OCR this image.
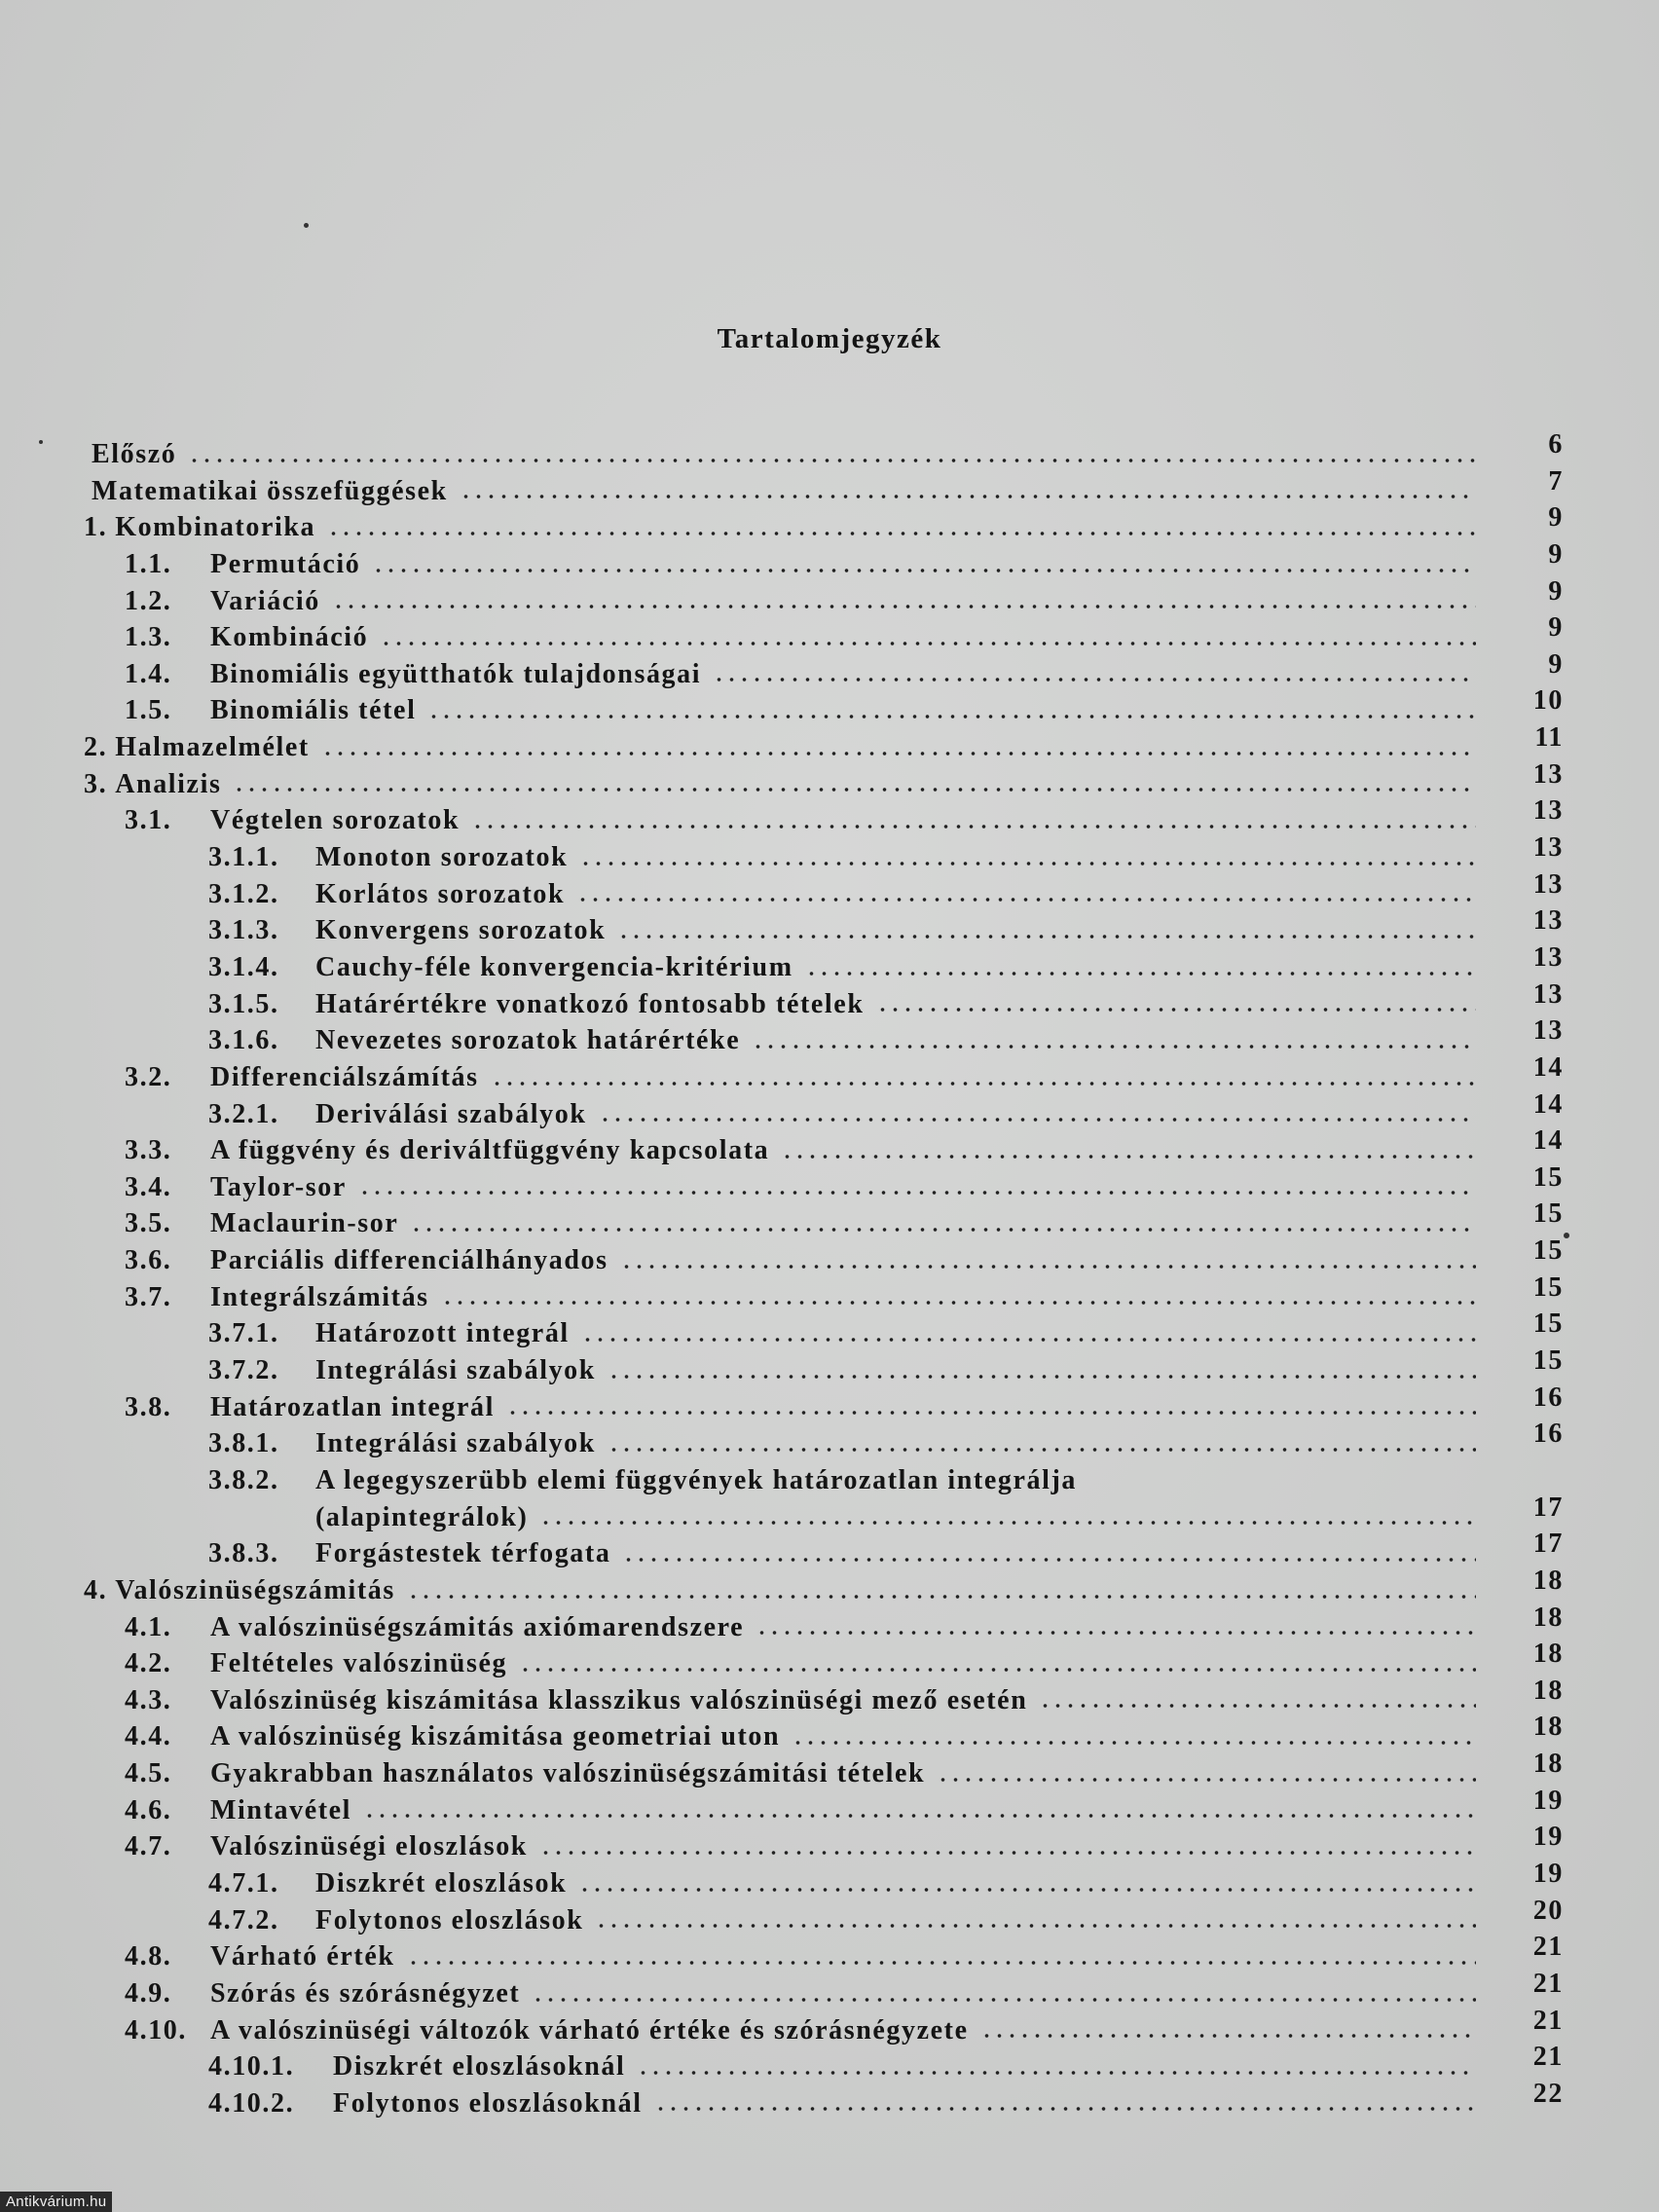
Tartalomjegyzék
Előszó	6
Matematikai összefüggések	7
1. Kombinatorika	9
1.1. Permutáció	9
1.2. Variáció	9
1.3. Kombináció	9
1.4. Binomiális együtthatók tulajdonságai	9
1.5. Binomiális tétel	10
2. Halmazelmélet	11
3. Analizis	13
3.1. Végtelen sorozatok	13
3.1.1. Monoton sorozatok	13
3.1.2. Korlátos sorozatok	13
3.1.3. Konvergens sorozatok	13
3.1.4. Cauchy-féle konvergencia-kritérium	13
3.1.5. Határértékre vonatkozó fontosabb tételek	13
3.1.6. Nevezetes sorozatok határértéke	13
3.2. Differenciálszámítás	14
3.2.1. Deriválási szabályok	14
3.3. A függvény és deriváltfüggvény kapcsolata	14
3.4. Taylor-sor	15
3.5. Maclaurin-sor	15
3.6. Parciális differenciálhányados	15
3.7. Integrálszámitás	15
3.7.1. Határozott integrál	15
3.7.2. Integrálási szabályok	15
3.8. Határozatlan integrál	16
3.8.1. Integrálási szabályok	16
3.8.2. A legegyszerübb elemi függvények határozatlan integrálja
(alapintegrálok)	17
3.8.3. Forgástestek térfogata	17
4. Valószinüségszámitás	18
4.1. A valószinüségszámitás axiómarendszere	18
4.2. Feltételes valószinüség	18
4.3. Valószinüség kiszámitása klasszikus valószinüségi mező esetén	18
4.4. A valószinüség kiszámitása geometriai uton	18
4.5. Gyakrabban használatos valószinüségszámitási tételek	18
4.6. Mintavétel	19
4.7. Valószinüségi eloszlások	19
4.7.1. Diszkrét eloszlások	19
4.7.2. Folytonos eloszlások	20
4.8. Várható érték	21
4.9. Szórás és szórásnégyzet	21
4.10. A valószinüségi változók várható értéke és szórásnégyzete	21
4.10.1. Diszkrét eloszlásoknál	21
4.10.2. Folytonos eloszlásoknál	22
Antikvárium.hu
